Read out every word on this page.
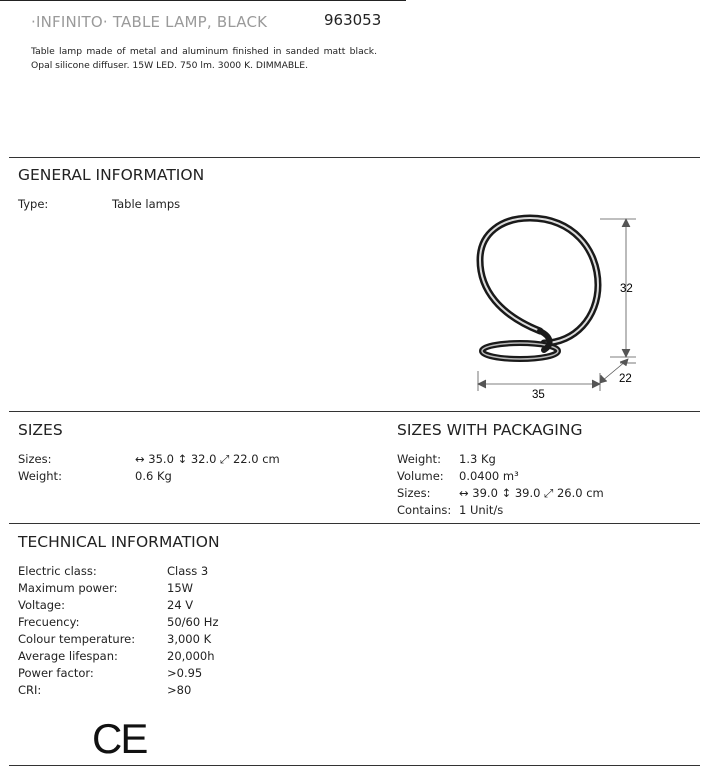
·INFINITO· TABLE LAMP, BLACK	963053
Table lamp made of metal and aluminum finished in sanded matt black. Opal silicone diffuser. 15W LED. 750 lm. 3000 K. DIMMABLE.
GENERAL INFORMATION
Type:	Table lamps
32
35
22
SIZES
Sizes:	↔ 35.0 ↕ 32.0 ⤢ 22.0 cm
Weight:	0.6 Kg
SIZES WITH PACKAGING
Weight: 1.3 Kg
Volume: 0.0400 m³
Sizes: ↔ 39.0 ↕ 39.0 ⤢ 26.0 cm
Contains: 1 Unit/s
TECHNICAL INFORMATION
Electric class:	Class 3
Maximum power:	15W
Voltage:	24 V
Frecuency:	50/60 Hz
Colour temperature:	3,000 K
Average lifespan:	20,000h
Power factor:	>0.95
CRI:	>80
CE
